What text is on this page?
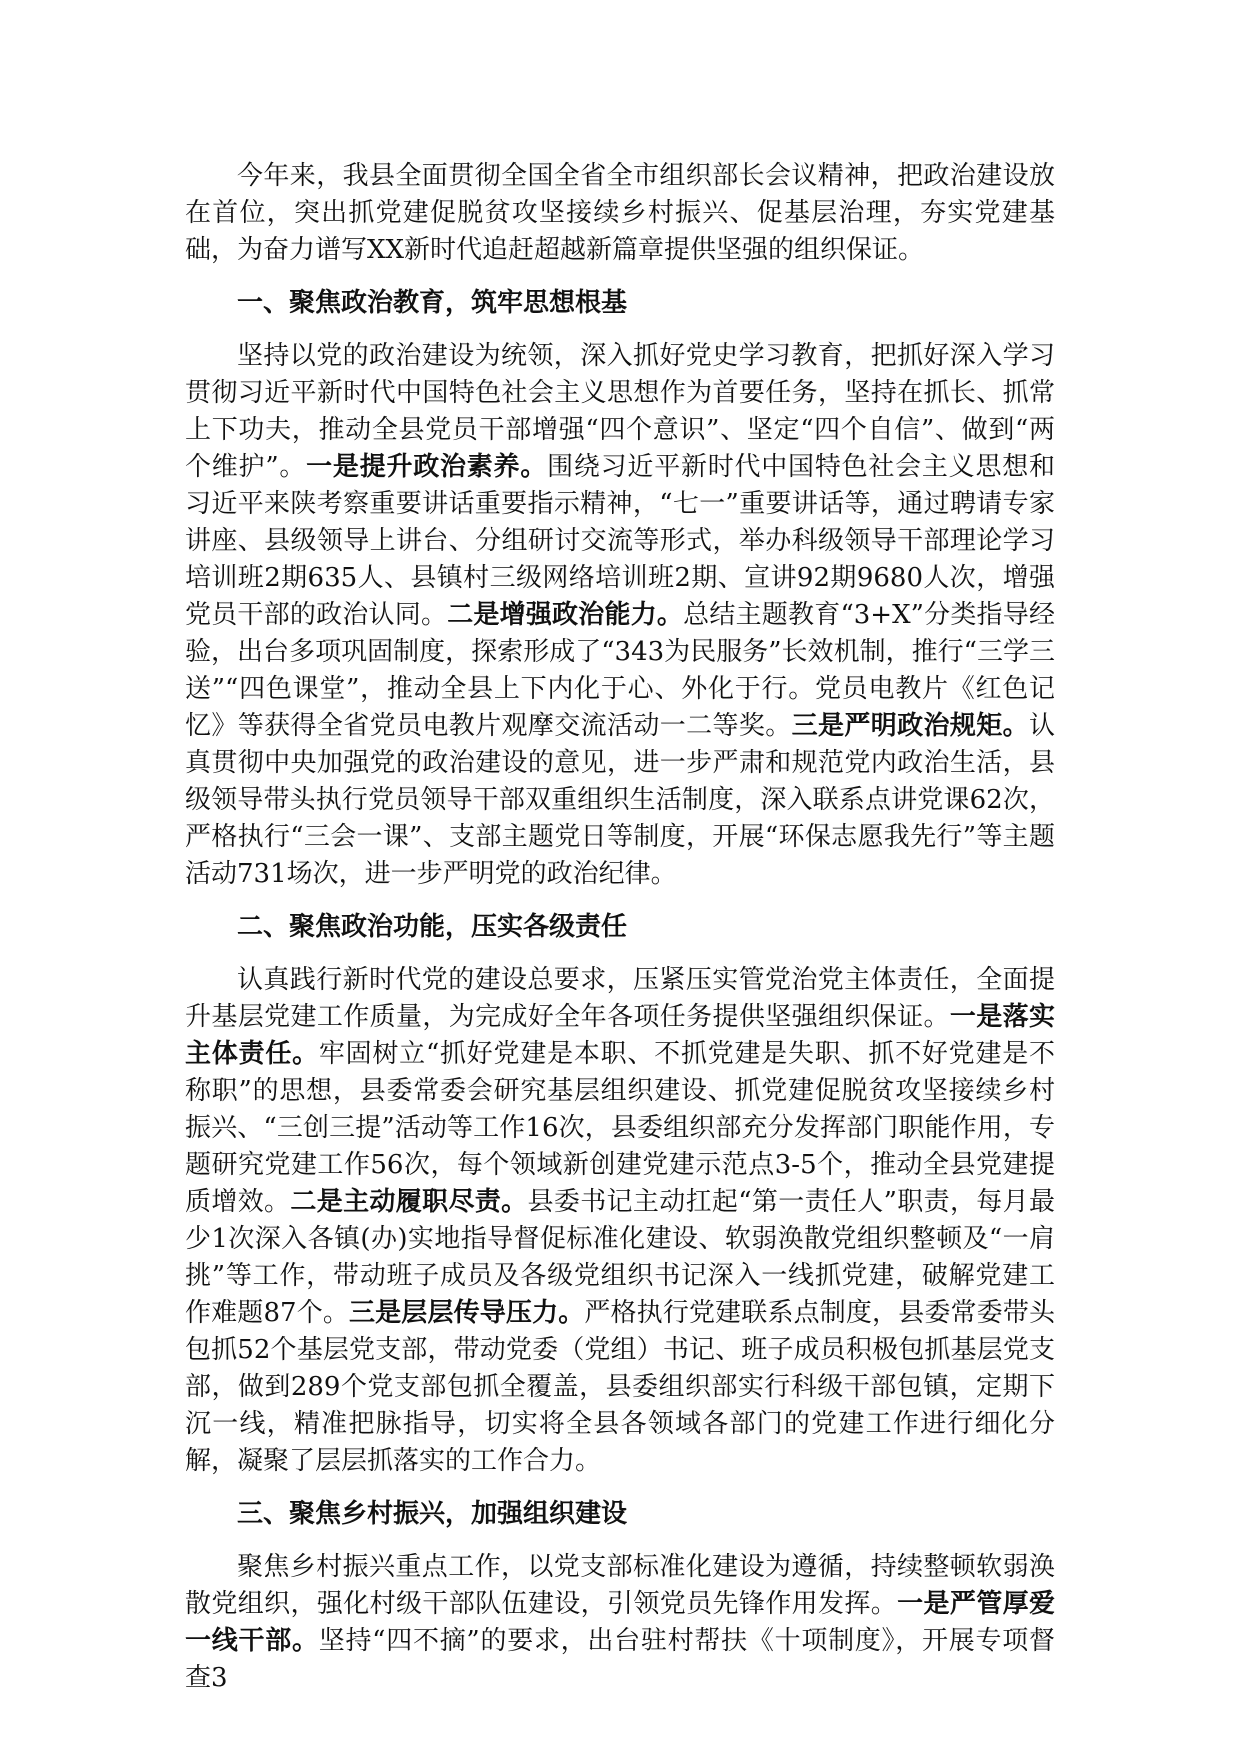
今年来，我县全面贯彻全国全省全市组织部长会议精神，把政治建设放在首位，突出抓党建促脱贫攻坚接续乡村振兴、促基层治理，夯实党建基础，为奋力谱写XX新时代追赶超越新篇章提供坚强的组织保证。

一、聚焦政治教育，筑牢思想根基

坚持以党的政治建设为统领，深入抓好党史学习教育，把抓好深入学习贯彻习近平新时代中国特色社会主义思想作为首要任务，坚持在抓长、抓常上下功夫，推动全县党员干部增强“四个意识”、坚定“四个自信”、做到“两个维护”。一是提升政治素养。围绕习近平新时代中国特色社会主义思想和习近平来陕考察重要讲话重要指示精神，“七一”重要讲话等，通过聘请专家讲座、县级领导上讲台、分组研讨交流等形式，举办科级领导干部理论学习培训班2期635人、县镇村三级网络培训班2期、宣讲92期9680人次，增强党员干部的政治认同。二是增强政治能力。总结主题教育“3+X”分类指导经验，出台多项巩固制度，探索形成了“343为民服务”长效机制，推行“三学三送”“四色课堂”，推动全县上下内化于心、外化于行。党员电教片《红色记忆》等获得全省党员电教片观摩交流活动一二等奖。三是严明政治规矩。认真贯彻中央加强党的政治建设的意见，进一步严肃和规范党内政治生活，县级领导带头执行党员领导干部双重组织生活制度，深入联系点讲党课62次，严格执行“三会一课”、支部主题党日等制度，开展“环保志愿我先行”等主题活动731场次，进一步严明党的政治纪律。

二、聚焦政治功能，压实各级责任

认真践行新时代党的建设总要求，压紧压实管党治党主体责任，全面提升基层党建工作质量，为完成好全年各项任务提供坚强组织保证。一是落实主体责任。牢固树立“抓好党建是本职、不抓党建是失职、抓不好党建是不称职”的思想，县委常委会研究基层组织建设、抓党建促脱贫攻坚接续乡村振兴、“三创三提”活动等工作16次，县委组织部充分发挥部门职能作用，专题研究党建工作56次，每个领域新创建党建示范点3-5个，推动全县党建提质增效。二是主动履职尽责。县委书记主动扛起“第一责任人”职责，每月最少1次深入各镇(办)实地指导督促标准化建设、软弱涣散党组织整顿及“一肩挑”等工作，带动班子成员及各级党组织书记深入一线抓党建，破解党建工作难题87个。三是层层传导压力。严格执行党建联系点制度，县委常委带头包抓52个基层党支部，带动党委（党组）书记、班子成员积极包抓基层党支部，做到289个党支部包抓全覆盖，县委组织部实行科级干部包镇，定期下沉一线，精准把脉指导，切实将全县各领域各部门的党建工作进行细化分解，凝聚了层层抓落实的工作合力。

三、聚焦乡村振兴，加强组织建设

聚焦乡村振兴重点工作，以党支部标准化建设为遵循，持续整顿软弱涣散党组织，强化村级干部队伍建设，引领党员先锋作用发挥。一是严管厚爱一线干部。坚持“四不摘”的要求，出台驻村帮扶《十项制度》，开展专项督查3
